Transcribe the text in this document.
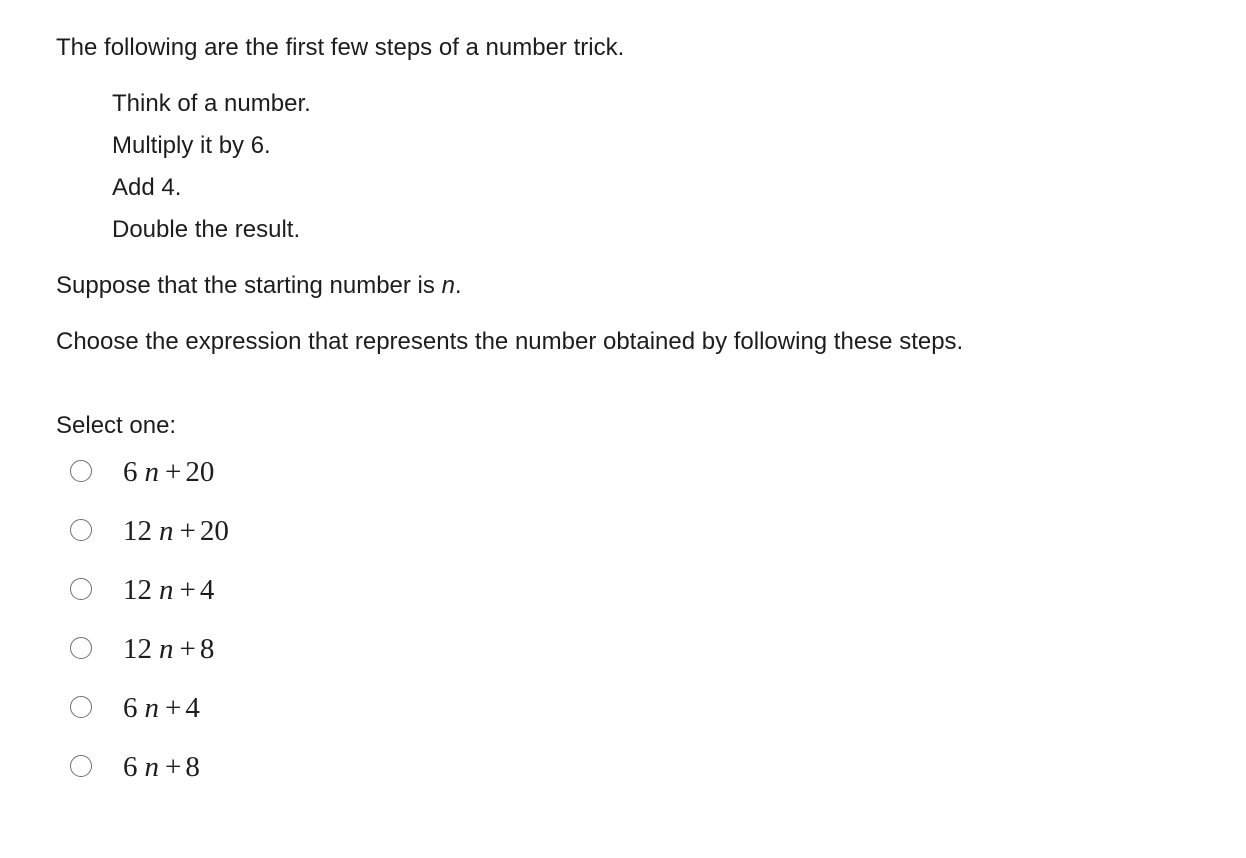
The following are the first few steps of a number trick.
Think of a number.
Multiply it by 6.
Add 4.
Double the result.
Suppose that the starting number is n.
Choose the expression that represents the number obtained by following these steps.
Select one:
6 n + 20
12 n + 20
12 n + 4
12 n + 8
6 n + 4
6 n + 8
